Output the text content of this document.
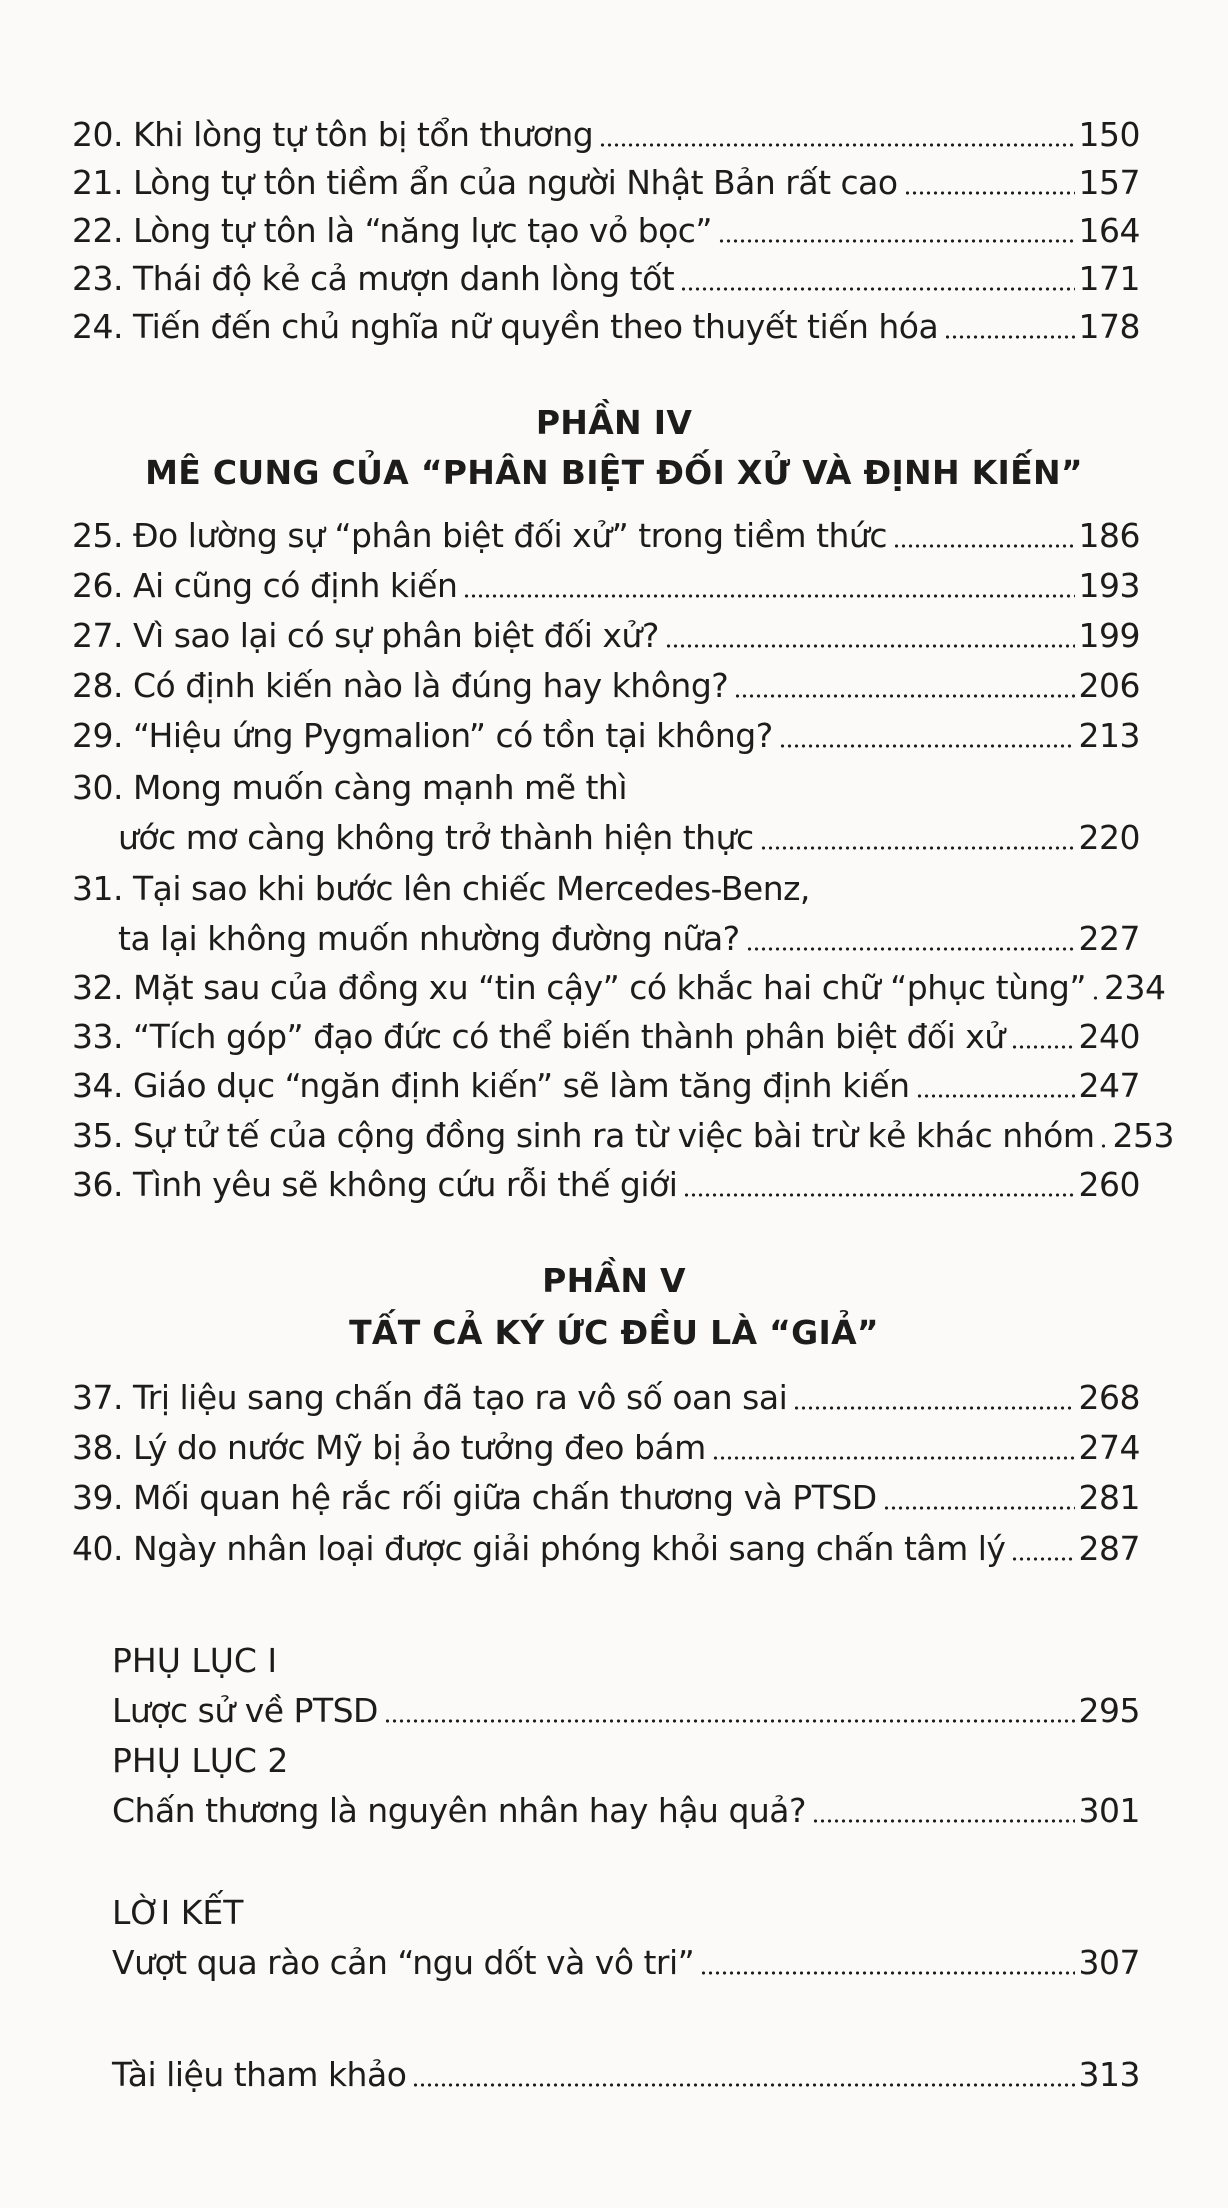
20. Khi lòng tự tôn bị tổn thương	150
21. Lòng tự tôn tiềm ẩn của người Nhật Bản rất cao	157
22. Lòng tự tôn là “năng lực tạo vỏ bọc”	164
23. Thái độ kẻ cả mượn danh lòng tốt	171
24. Tiến đến chủ nghĩa nữ quyền theo thuyết tiến hóa	178
PHẦN IV
MÊ CUNG CỦA “PHÂN BIỆT ĐỐI XỬ VÀ ĐỊNH KIẾN”
25. Đo lường sự “phân biệt đối xử” trong tiềm thức	186
26. Ai cũng có định kiến	193
27. Vì sao lại có sự phân biệt đối xử?	199
28. Có định kiến nào là đúng hay không?	206
29. “Hiệu ứng Pygmalion” có tồn tại không?	213
30. Mong muốn càng mạnh mẽ thì
ước mơ càng không trở thành hiện thực	220
31. Tại sao khi bước lên chiếc Mercedes-Benz,
ta lại không muốn nhường đường nữa?	227
32. Mặt sau của đồng xu “tin cậy” có khắc hai chữ “phục tùng” 234
33. “Tích góp” đạo đức có thể biến thành phân biệt đối xử 240
34. Giáo dục “ngăn định kiến” sẽ làm tăng định kiến	247
35. Sự tử tế của cộng đồng sinh ra từ việc bài trừ kẻ khác nhóm 253
36. Tình yêu sẽ không cứu rỗi thế giới	260
PHẦN V
TẤT CẢ KÝ ỨC ĐỀU LÀ “GIẢ”
37. Trị liệu sang chấn đã tạo ra vô số oan sai	268
38. Lý do nước Mỹ bị ảo tưởng đeo bám	274
39. Mối quan hệ rắc rối giữa chấn thương và PTSD	281
40. Ngày nhân loại được giải phóng khỏi sang chấn tâm lý 287
PHỤ LỤC I
Lược sử về PTSD	295
PHỤ LỤC 2
Chấn thương là nguyên nhân hay hậu quả?	301
LỜI KẾT
Vượt qua rào cản “ngu dốt và vô tri”	307
Tài liệu tham khảo	313
